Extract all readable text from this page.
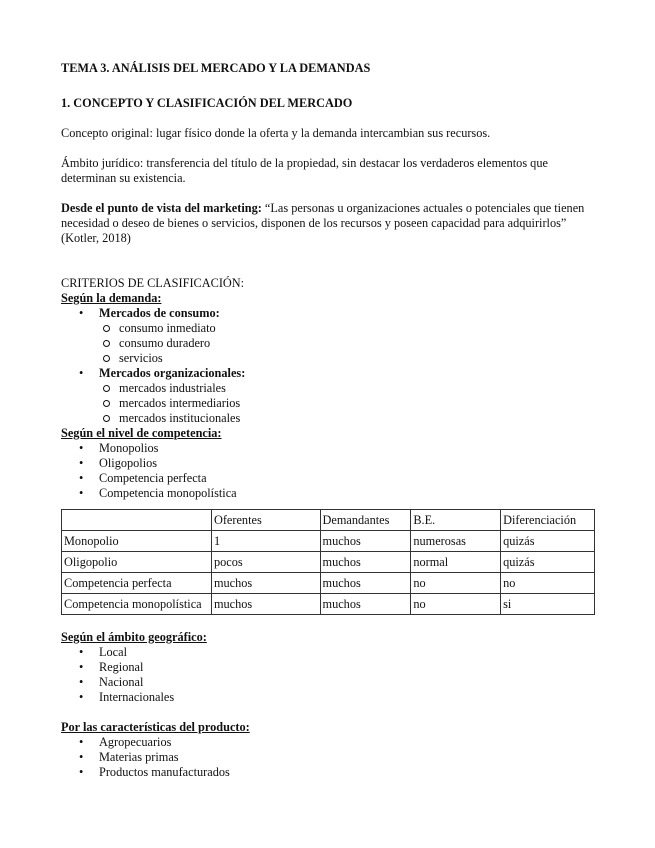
TEMA 3. ANÁLISIS DEL MERCADO Y LA DEMANDAS

1. CONCEPTO Y CLASIFICACIÓN DEL MERCADO

Concepto original: lugar físico donde la oferta y la demanda intercambian sus recursos.

Ámbito jurídico: transferencia del título de la propiedad, sin destacar los verdaderos elementos que determinan su existencia.

Desde el punto de vista del marketing: “Las personas u organizaciones actuales o potenciales que tienen necesidad o deseo de bienes o servicios, disponen de los recursos y poseen capacidad para adquirirlos” (Kotler, 2018)

CRITERIOS DE CLASIFICACIÓN:

Según la demanda:

• Mercados de consumo:
consumo inmediato
consumo duradero
servicios
• Mercados organizacionales:
mercados industriales
mercados intermediarios
mercados institucionales

Según el nivel de competencia:

• Monopolios
• Oligopolios
• Competencia perfecta
• Competencia monopolística
	Oferentes	Demandantes	B.E.	Diferenciación
Monopolio	1	muchos	numerosas	quizás
Oligopolio	pocos	muchos	normal	quizás
Competencia perfecta	muchos	muchos	no	no
Competencia monopolística	muchos	muchos	no	si

Según el ámbito geográfico:

• Local
• Regional
• Nacional
• Internacionales

Por las características del producto:

• Agropecuarios
• Materias primas
• Productos manufacturados
